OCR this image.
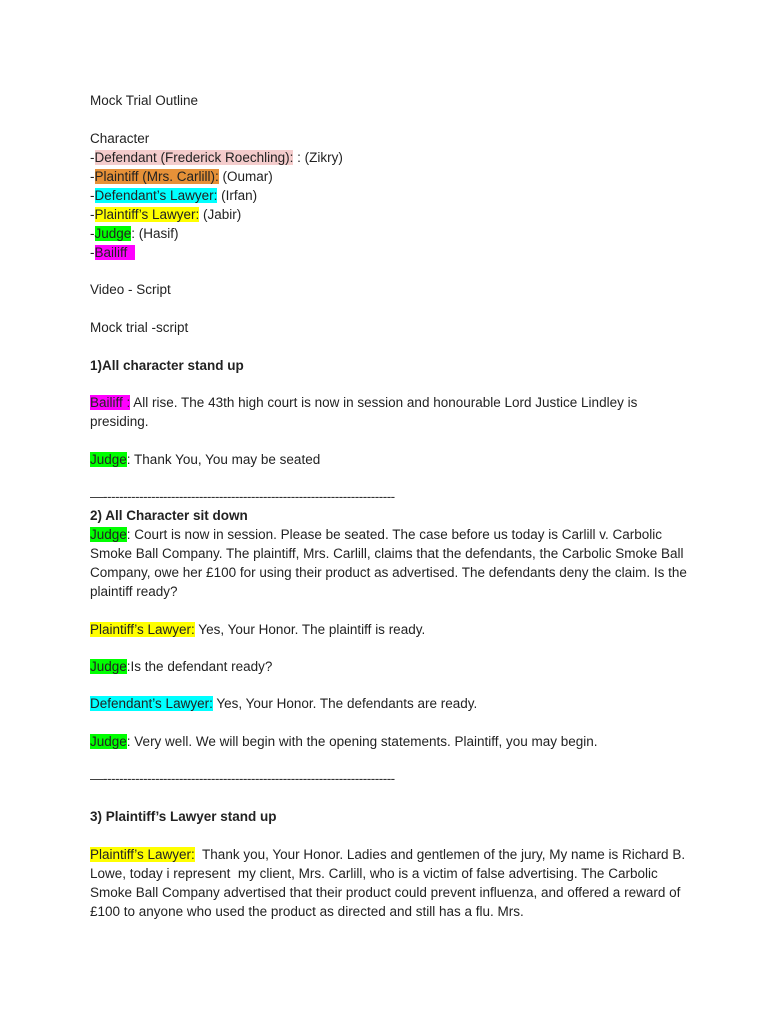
Mock Trial Outline

Character

-Defendant (Frederick Roechling): : (Zikry)

-Plaintiff (Mrs. Carlill): (Oumar)

-Defendant’s Lawyer: (Irfan)

-Plaintiff’s Lawyer: (Jabir)

-Judge: (Hasif)

-Bailiff

Video - Script

Mock trial -script

1)All character stand up

Bailiff : All rise. The 43th high court is now in session and honourable Lord Justice Lindley is presiding.

Judge: Thank You, You may be seated

—-------------------------------------------------------------------------

2) All Character sit down

Judge: Court is now in session. Please be seated. The case before us today is Carlill v. Carbolic Smoke Ball Company. The plaintiff, Mrs. Carlill, claims that the defendants, the Carbolic Smoke Ball Company, owe her £100 for using their product as advertised. The defendants deny the claim. Is the plaintiff ready?

Plaintiff’s Lawyer: Yes, Your Honor. The plaintiff is ready.

Judge:Is the defendant ready?

Defendant’s Lawyer: Yes, Your Honor. The defendants are ready.

Judge: Very well. We will begin with the opening statements. Plaintiff, you may begin.

—-------------------------------------------------------------------------

3) Plaintiff’s Lawyer stand up

Plaintiff’s Lawyer:  Thank you, Your Honor. Ladies and gentlemen of the jury, My name is Richard B. Lowe, today i represent  my client, Mrs. Carlill, who is a victim of false advertising. The Carbolic Smoke Ball Company advertised that their product could prevent influenza, and offered a reward of £100 to anyone who used the product as directed and still has a flu. Mrs.
